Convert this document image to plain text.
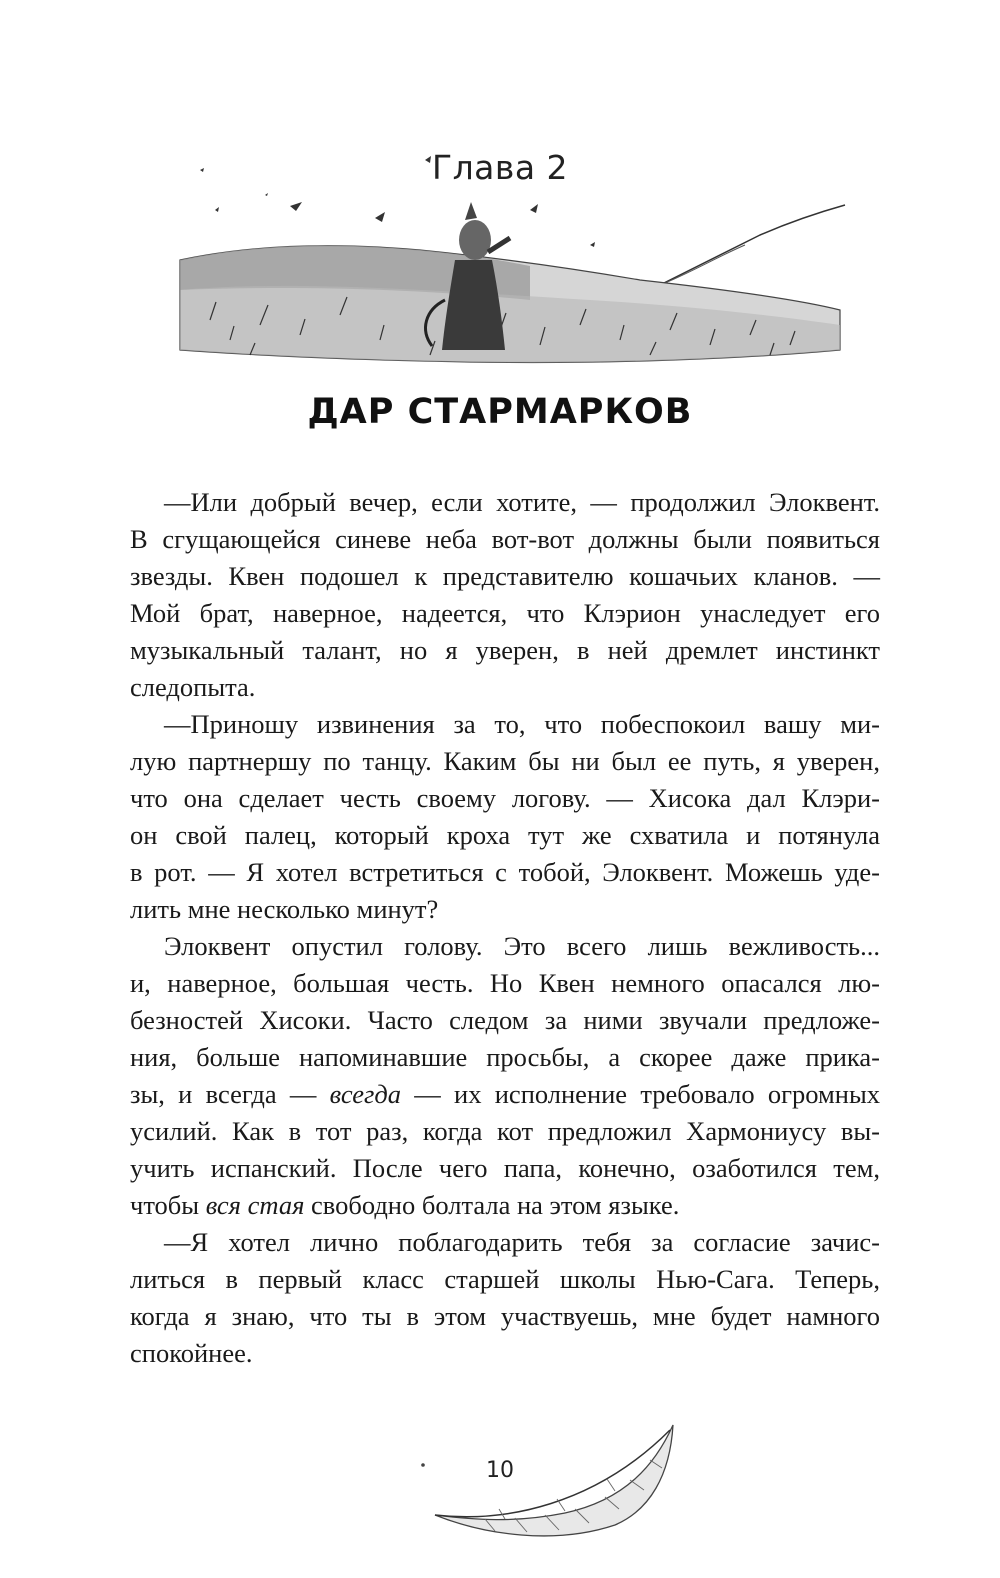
Глава 2
ДАР СТАРМАРКОВ
—Или добрый вечер, если хотите, — продолжил Элоквент.
В сгущающейся синеве неба вот-вот должны были появиться
звезды. Квен подошел к представителю кошачьих кланов. —
Мой брат, наверное, надеется, что Клэрион унаследует его
музыкальный талант, но я уверен, в ней дремлет инстинкт
следопыта.
—Приношу извинения за то, что побеспокоил вашу ми-
лую партнершу по танцу. Каким бы ни был ее путь, я уверен,
что она сделает честь своему логову. — Хисока дал Клэри-
он свой палец, который кроха тут же схватила и потянула
в рот. — Я хотел встретиться с тобой, Элоквент. Можешь уде-
лить мне несколько минут?
Элоквент опустил голову. Это всего лишь вежливость...
и, наверное, большая честь. Но Квен немного опасался лю-
безностей Хисоки. Часто следом за ними звучали предложе-
ния, больше напоминавшие просьбы, а скорее даже прика-
зы, и всегда — всегда — их исполнение требовало огромных
усилий. Как в тот раз, когда кот предложил Хармониусу вы-
учить испанский. После чего папа, конечно, озаботился тем,
чтобы вся стая свободно болтала на этом языке.
—Я хотел лично поблагодарить тебя за согласие зачис-
литься в первый класс старшей школы Нью-Сага. Теперь,
когда я знаю, что ты в этом участвуешь, мне будет намного
спокойнее.
10
